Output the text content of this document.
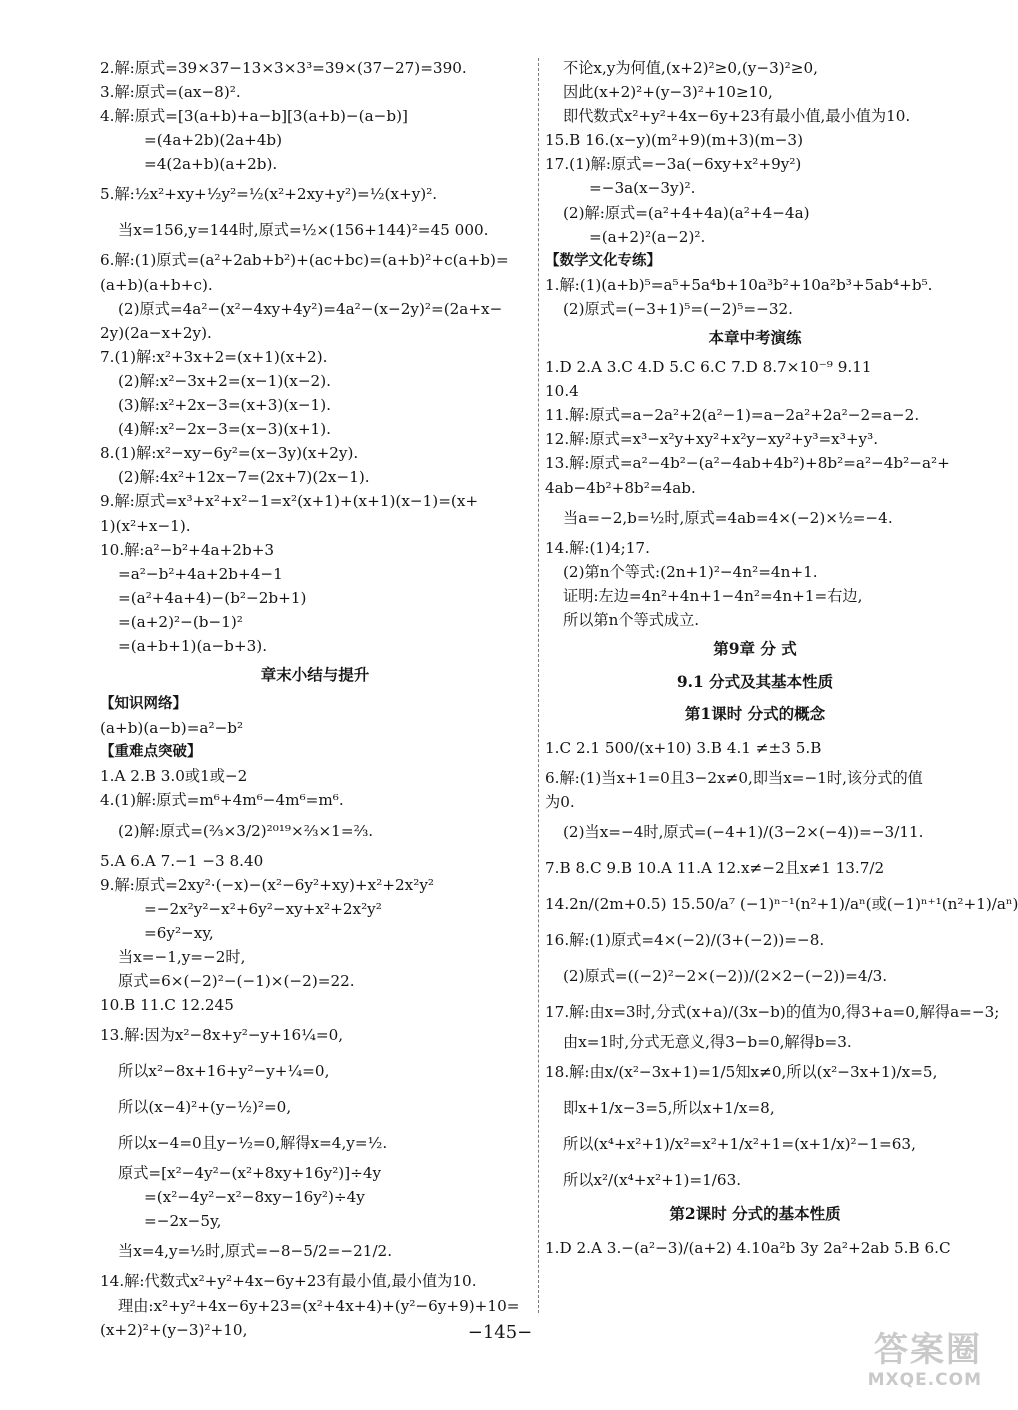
2.解:原式=39×37−13×3×3³=39×(37−27)=390.
3.解:原式=(ax−8)².
4.解:原式=[3(a+b)+a−b][3(a+b)−(a−b)]
=(4a+2b)(2a+4b)
=4(2a+b)(a+2b).
5.解:½x²+xy+½y²=½(x²+2xy+y²)=½(x+y)².
当x=156,y=144时,原式=½×(156+144)²=45 000.
6.解:(1)原式=(a²+2ab+b²)+(ac+bc)=(a+b)²+c(a+b)=
(a+b)(a+b+c).
(2)原式=4a²−(x²−4xy+4y²)=4a²−(x−2y)²=(2a+x−
2y)(2a−x+2y).
7.(1)解:x²+3x+2=(x+1)(x+2).
(2)解:x²−3x+2=(x−1)(x−2).
(3)解:x²+2x−3=(x+3)(x−1).
(4)解:x²−2x−3=(x−3)(x+1).
8.(1)解:x²−xy−6y²=(x−3y)(x+2y).
(2)解:4x²+12x−7=(2x+7)(2x−1).
9.解:原式=x³+x²+x²−1=x²(x+1)+(x+1)(x−1)=(x+
1)(x²+x−1).
10.解:a²−b²+4a+2b+3
=a²−b²+4a+2b+4−1
=(a²+4a+4)−(b²−2b+1)
=(a+2)²−(b−1)²
=(a+b+1)(a−b+3).
章末小结与提升
【知识网络】
(a+b)(a−b)=a²−b²
【重难点突破】
1.A 2.B 3.0或1或−2
4.(1)解:原式=m⁶+4m⁶−4m⁶=m⁶.
(2)解:原式=(⅔×3/2)²⁰¹⁹×⅔×1=⅔.
5.A 6.A 7.−1 −3 8.40
9.解:原式=2xy²·(−x)−(x²−6y²+xy)+x²+2x²y²
=−2x²y²−x²+6y²−xy+x²+2x²y²
=6y²−xy,
当x=−1,y=−2时,
原式=6×(−2)²−(−1)×(−2)=22.
10.B 11.C 12.245
13.解:因为x²−8x+y²−y+16¼=0,
所以x²−8x+16+y²−y+¼=0,
所以(x−4)²+(y−½)²=0,
所以x−4=0且y−½=0,解得x=4,y=½.
原式=[x²−4y²−(x²+8xy+16y²)]÷4y
=(x²−4y²−x²−8xy−16y²)÷4y
=−2x−5y,
当x=4,y=½时,原式=−8−5/2=−21/2.
14.解:代数式x²+y²+4x−6y+23有最小值,最小值为10.
理由:x²+y²+4x−6y+23=(x²+4x+4)+(y²−6y+9)+10=
(x+2)²+(y−3)²+10,
不论x,y为何值,(x+2)²≥0,(y−3)²≥0,
因此(x+2)²+(y−3)²+10≥10,
即代数式x²+y²+4x−6y+23有最小值,最小值为10.
15.B 16.(x−y)(m²+9)(m+3)(m−3)
17.(1)解:原式=−3a(−6xy+x²+9y²)
=−3a(x−3y)².
(2)解:原式=(a²+4+4a)(a²+4−4a)
=(a+2)²(a−2)².
【数学文化专练】
1.解:(1)(a+b)⁵=a⁵+5a⁴b+10a³b²+10a²b³+5ab⁴+b⁵.
(2)原式=(−3+1)⁵=(−2)⁵=−32.
本章中考演练
1.D 2.A 3.C 4.D 5.C 6.C 7.D 8.7×10⁻⁹ 9.11
10.4
11.解:原式=a−2a²+2(a²−1)=a−2a²+2a²−2=a−2.
12.解:原式=x³−x²y+xy²+x²y−xy²+y³=x³+y³.
13.解:原式=a²−4b²−(a²−4ab+4b²)+8b²=a²−4b²−a²+
4ab−4b²+8b²=4ab.
当a=−2,b=½时,原式=4ab=4×(−2)×½=−4.
14.解:(1)4;17.
(2)第n个等式:(2n+1)²−4n²=4n+1.
证明:左边=4n²+4n+1−4n²=4n+1=右边,
所以第n个等式成立.
第9章 分 式
9.1 分式及其基本性质
第1课时 分式的概念
1.C 2.1 500/(x+10) 3.B 4.1 ≠±3 5.B
6.解:(1)当x+1=0且3−2x≠0,即当x=−1时,该分式的值
为0.
(2)当x=−4时,原式=(−4+1)/(3−2×(−4))=−3/11.
7.B 8.C 9.B 10.A 11.A 12.x≠−2且x≠1 13.7/2
14.2n/(2m+0.5) 15.50/a⁷ (−1)ⁿ⁻¹(n²+1)/aⁿ(或(−1)ⁿ⁺¹(n²+1)/aⁿ)
16.解:(1)原式=4×(−2)/(3+(−2))=−8.
(2)原式=((−2)²−2×(−2))/(2×2−(−2))=4/3.
17.解:由x=3时,分式(x+a)/(3x−b)的值为0,得3+a=0,解得a=−3;
由x=1时,分式无意义,得3−b=0,解得b=3.
18.解:由x/(x²−3x+1)=1/5知x≠0,所以(x²−3x+1)/x=5,
即x+1/x−3=5,所以x+1/x=8,
所以(x⁴+x²+1)/x²=x²+1/x²+1=(x+1/x)²−1=63,
所以x²/(x⁴+x²+1)=1/63.
第2课时 分式的基本性质
1.D 2.A 3.−(a²−3)/(a+2) 4.10a²b 3y 2a²+2ab 5.B 6.C
−145−	答案圈
MXQE.COM
